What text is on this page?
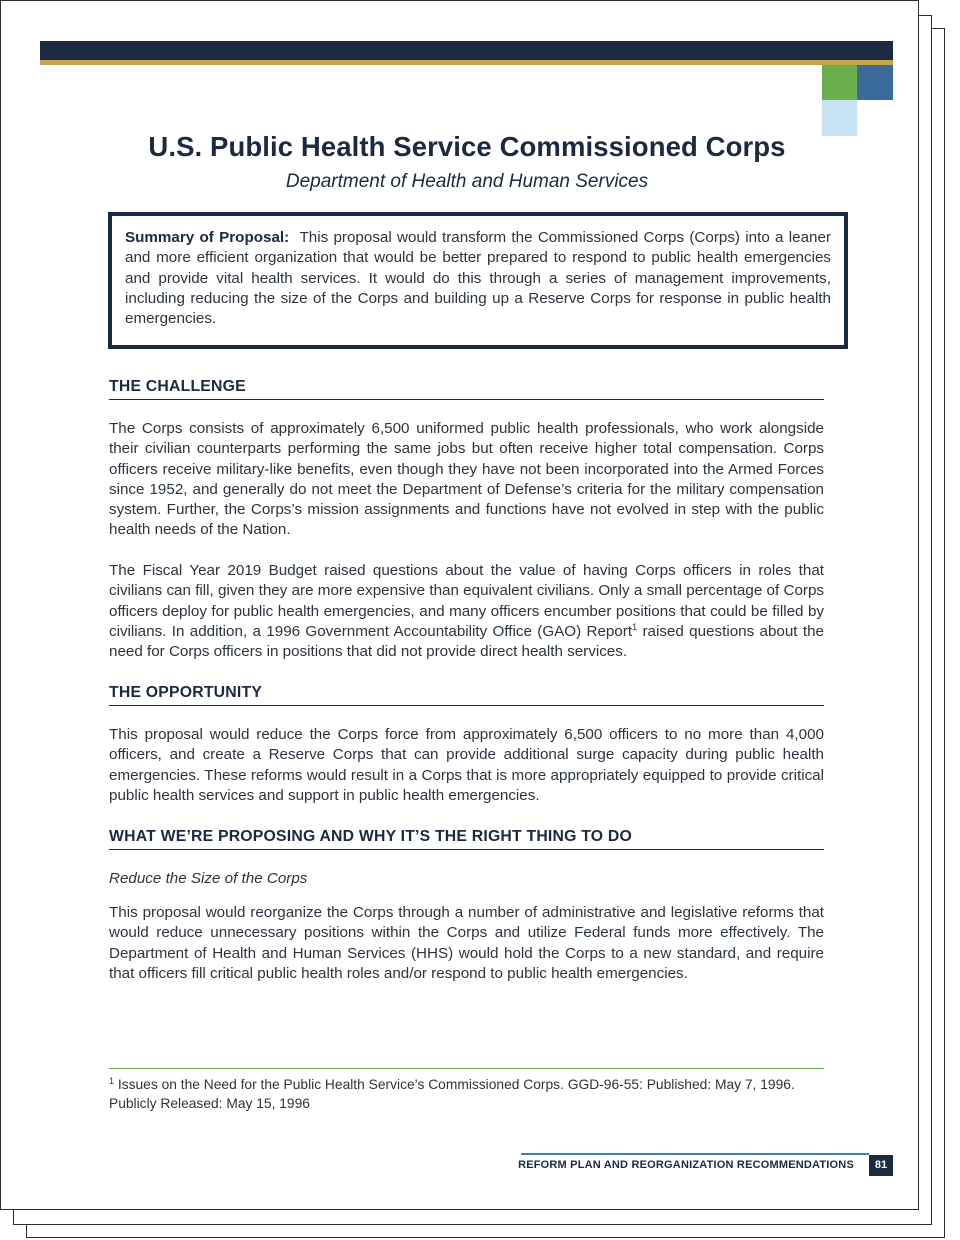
U.S. Public Health Service Commissioned Corps
Department of Health and Human Services
Summary of Proposal: This proposal would transform the Commissioned Corps (Corps) into a leaner and more efficient organization that would be better prepared to respond to public health emergencies and provide vital health services. It would do this through a series of management improvements, including reducing the size of the Corps and building up a Reserve Corps for response in public health emergencies.
THE CHALLENGE

The Corps consists of approximately 6,500 uniformed public health professionals, who work alongside their civilian counterparts performing the same jobs but often receive higher total compensation. Corps officers receive military-like benefits, even though they have not been incorporated into the Armed Forces since 1952, and generally do not meet the Department of Defense’s criteria for the military compensation system. Further, the Corps’s mission assignments and functions have not evolved in step with the public health needs of the Nation.

The Fiscal Year 2019 Budget raised questions about the value of having Corps officers in roles that civilians can fill, given they are more expensive than equivalent civilians. Only a small percentage of Corps officers deploy for public health emergencies, and many officers encumber positions that could be filled by civilians. In addition, a 1996 Government Accountability Office (GAO) Report$^1$ raised questions about the need for Corps officers in positions that did not provide direct health services.

THE OPPORTUNITY

This proposal would reduce the Corps force from approximately 6,500 officers to no more than 4,000 officers, and create a Reserve Corps that can provide additional surge capacity during public health emergencies. These reforms would result in a Corps that is more appropriately equipped to provide critical public health services and support in public health emergencies.

WHAT WE’RE PROPOSING AND WHY IT’S THE RIGHT THING TO DO
Reduce the Size of the Corps

This proposal would reorganize the Corps through a number of administrative and legislative reforms that would reduce unnecessary positions within the Corps and utilize Federal funds more effectively. The Department of Health and Human Services (HHS) would hold the Corps to a new standard, and require that officers fill critical public health roles and/or respond to public health emergencies.

$^1$ Issues on the Need for the Public Health Service’s Commissioned Corps. GGD-96-55: Published: May 7, 1996. Publicly Released: May 15, 1996
REFORM PLAN AND REORGANIZATION RECOMMENDATIONS	81
